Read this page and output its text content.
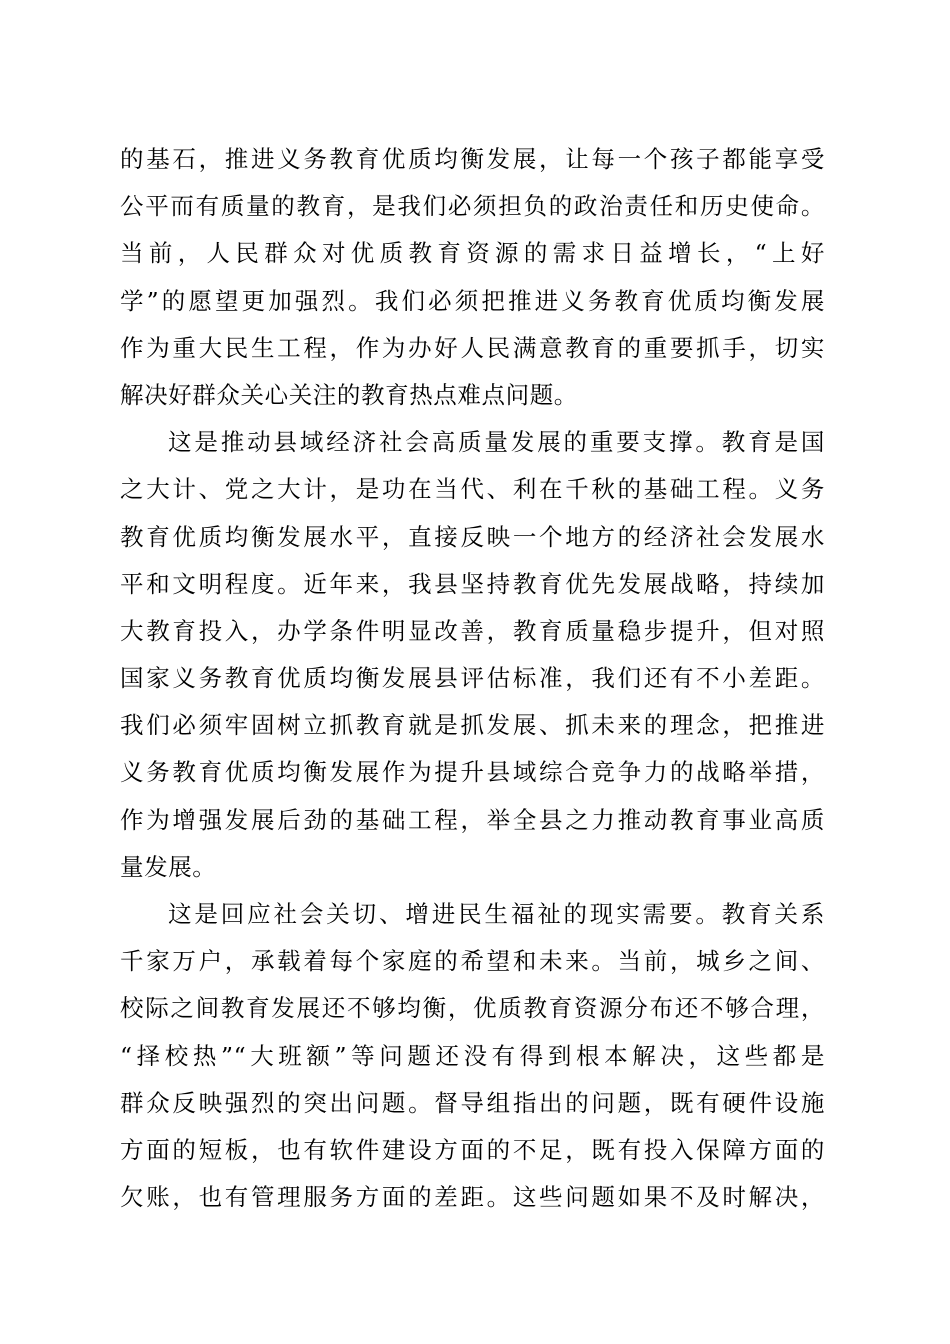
的基石，推进义务教育优质均衡发展，让每一个孩子都能享受
公平而有质量的教育，是我们必须担负的政治责任和历史使命。
当前，人民群众对优质教育资源的需求日益增长，“上好
学”的愿望更加强烈。我们必须把推进义务教育优质均衡发展
作为重大民生工程，作为办好人民满意教育的重要抓手，切实
解决好群众关心关注的教育热点难点问题。
这是推动县域经济社会高质量发展的重要支撑。教育是国
之大计、党之大计，是功在当代、利在千秋的基础工程。义务
教育优质均衡发展水平，直接反映一个地方的经济社会发展水
平和文明程度。近年来，我县坚持教育优先发展战略，持续加
大教育投入，办学条件明显改善，教育质量稳步提升，但对照
国家义务教育优质均衡发展县评估标准，我们还有不小差距。
我们必须牢固树立抓教育就是抓发展、抓未来的理念，把推进
义务教育优质均衡发展作为提升县域综合竞争力的战略举措，
作为增强发展后劲的基础工程，举全县之力推动教育事业高质
量发展。
这是回应社会关切、增进民生福祉的现实需要。教育关系
千家万户，承载着每个家庭的希望和未来。当前，城乡之间、
校际之间教育发展还不够均衡，优质教育资源分布还不够合理，
“择校热”“大班额”等问题还没有得到根本解决，这些都是
群众反映强烈的突出问题。督导组指出的问题，既有硬件设施
方面的短板，也有软件建设方面的不足，既有投入保障方面的
欠账，也有管理服务方面的差距。这些问题如果不及时解决，
